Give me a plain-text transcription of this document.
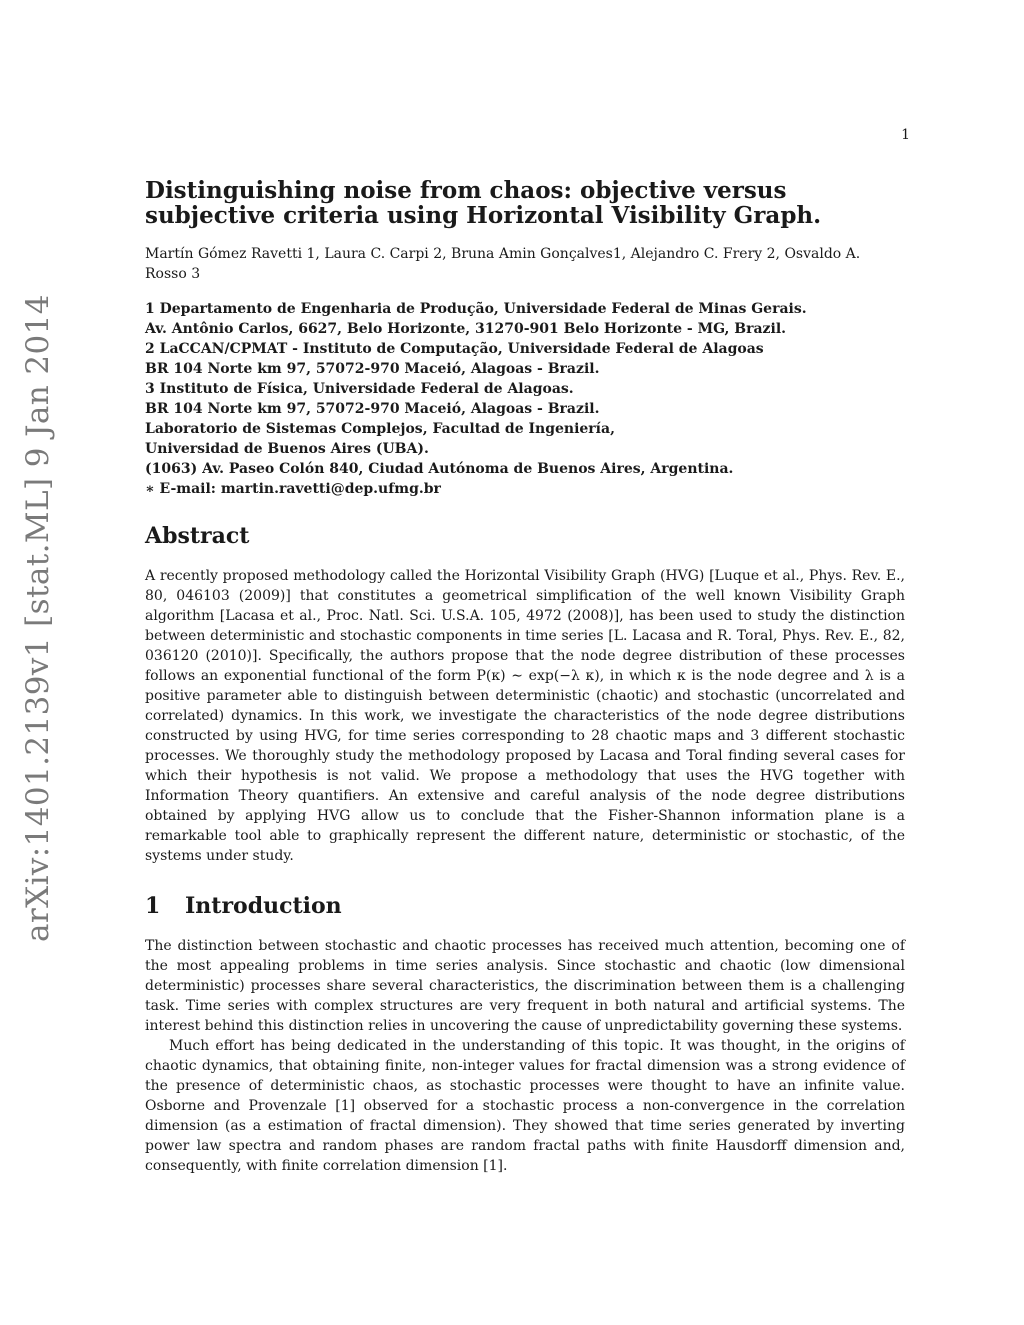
1
arXiv:1401.2139v1 [stat.ML] 9 Jan 2014
Distinguishing noise from chaos: objective versus subjective criteria using Horizontal Visibility Graph.
Martín Gómez Ravetti 1, Laura C. Carpi 2, Bruna Amin Gonçalves1, Alejandro C. Frery 2, Osvaldo A. Rosso 3
1 Departamento de Engenharia de Produção, Universidade Federal de Minas Gerais.
Av. Antônio Carlos, 6627, Belo Horizonte, 31270-901 Belo Horizonte - MG, Brazil.
2 LaCCAN/CPMAT - Instituto de Computação, Universidade Federal de Alagoas
BR 104 Norte km 97, 57072-970 Maceió, Alagoas - Brazil.
3 Instituto de Física, Universidade Federal de Alagoas.
BR 104 Norte km 97, 57072-970 Maceió, Alagoas - Brazil.
Laboratorio de Sistemas Complejos, Facultad de Ingeniería,
Universidad de Buenos Aires (UBA).
(1063) Av. Paseo Colón 840, Ciudad Autónoma de Buenos Aires, Argentina.
∗ E-mail: martin.ravetti@dep.ufmg.br
Abstract

A recently proposed methodology called the Horizontal Visibility Graph (HVG) [Luque et al., Phys. Rev. E., 80, 046103 (2009)] that constitutes a geometrical simplification of the well known Visibility Graph algorithm [Lacasa et al., Proc. Natl. Sci. U.S.A. 105, 4972 (2008)], has been used to study the distinction between deterministic and stochastic components in time series [L. Lacasa and R. Toral, Phys. Rev. E., 82, 036120 (2010)]. Specifically, the authors propose that the node degree distribution of these processes follows an exponential functional of the form P(κ) ∼ exp(−λ κ), in which κ is the node degree and λ is a positive parameter able to distinguish between deterministic (chaotic) and stochastic (uncorrelated and correlated) dynamics. In this work, we investigate the characteristics of the node degree distributions constructed by using HVG, for time series corresponding to 28 chaotic maps and 3 different stochastic processes. We thoroughly study the methodology proposed by Lacasa and Toral finding several cases for which their hypothesis is not valid. We propose a methodology that uses the HVG together with Information Theory quantifiers. An extensive and careful analysis of the node degree distributions obtained by applying HVG allow us to conclude that the Fisher-Shannon information plane is a remarkable tool able to graphically represent the different nature, deterministic or stochastic, of the systems under study.

1 Introduction

The distinction between stochastic and chaotic processes has received much attention, becoming one of the most appealing problems in time series analysis. Since stochastic and chaotic (low dimensional deterministic) processes share several characteristics, the discrimination between them is a challenging task. Time series with complex structures are very frequent in both natural and artificial systems. The interest behind this distinction relies in uncovering the cause of unpredictability governing these systems.

Much effort has being dedicated in the understanding of this topic. It was thought, in the origins of chaotic dynamics, that obtaining finite, non-integer values for fractal dimension was a strong evidence of the presence of deterministic chaos, as stochastic processes were thought to have an infinite value. Osborne and Provenzale [1] observed for a stochastic process a non-convergence in the correlation dimension (as a estimation of fractal dimension). They showed that time series generated by inverting power law spectra and random phases are random fractal paths with finite Hausdorff dimension and, consequently, with finite correlation dimension [1].
